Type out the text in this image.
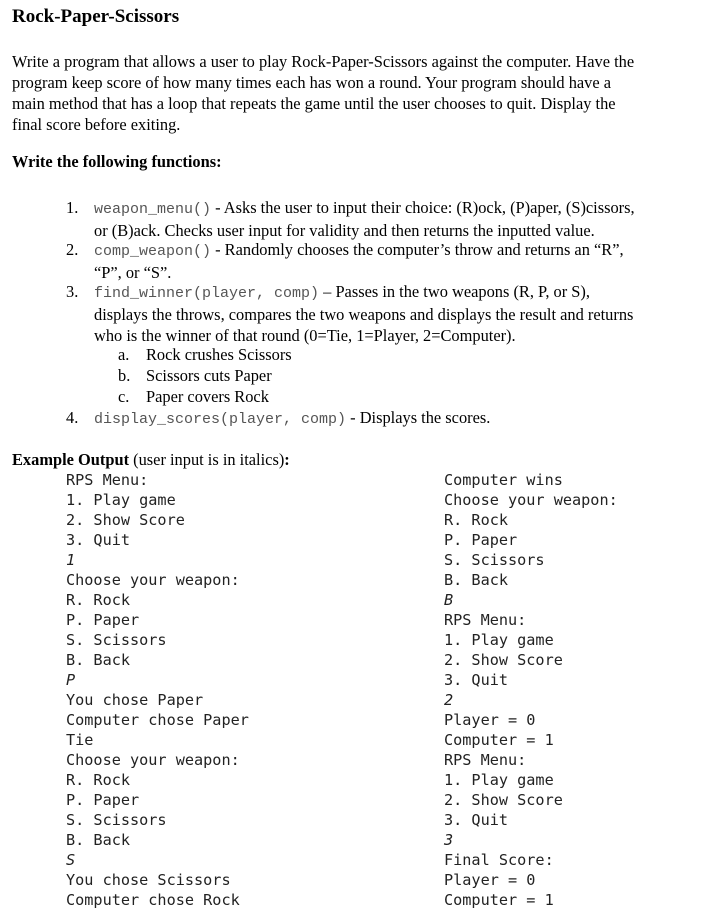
Rock-Paper-Scissors
Write a program that allows a user to play Rock-Paper-Scissors against the computer. Have the
program keep score of how many times each has won a round. Your program should have a
main method that has a loop that repeats the game until the user chooses to quit. Display the
final score before exiting.
Write the following functions:
1. weapon_menu() - Asks the user to input their choice: (R)ock, (P)aper, (S)cissors,
or (B)ack. Checks user input for validity and then returns the inputted value.
2. comp_weapon() - Randomly chooses the computer’s throw and returns an “R”,
“P”, or “S”.
3. find_winner(player, comp) – Passes in the two weapons (R, P, or S),
displays the throws, compares the two weapons and displays the result and returns
who is the winner of that round (0=Tie, 1=Player, 2=Computer).
a. Rock crushes Scissors
b. Scissors cuts Paper
c. Paper covers Rock
4. display_scores(player, comp) - Displays the scores.
Example Output (user input is in italics):
RPS Menu:
1. Play game
2. Show Score
3. Quit
1
Choose your weapon:
R. Rock
P. Paper
S. Scissors
B. Back
P
You chose Paper
Computer chose Paper
Tie
Choose your weapon:
R. Rock
P. Paper
S. Scissors
B. Back
S
You chose Scissors
Computer chose Rock
Computer wins
Choose your weapon:
R. Rock
P. Paper
S. Scissors
B. Back
B
RPS Menu:
1. Play game
2. Show Score
3. Quit
2
Player = 0
Computer = 1
RPS Menu:
1. Play game
2. Show Score
3. Quit
3
Final Score:
Player = 0
Computer = 1
